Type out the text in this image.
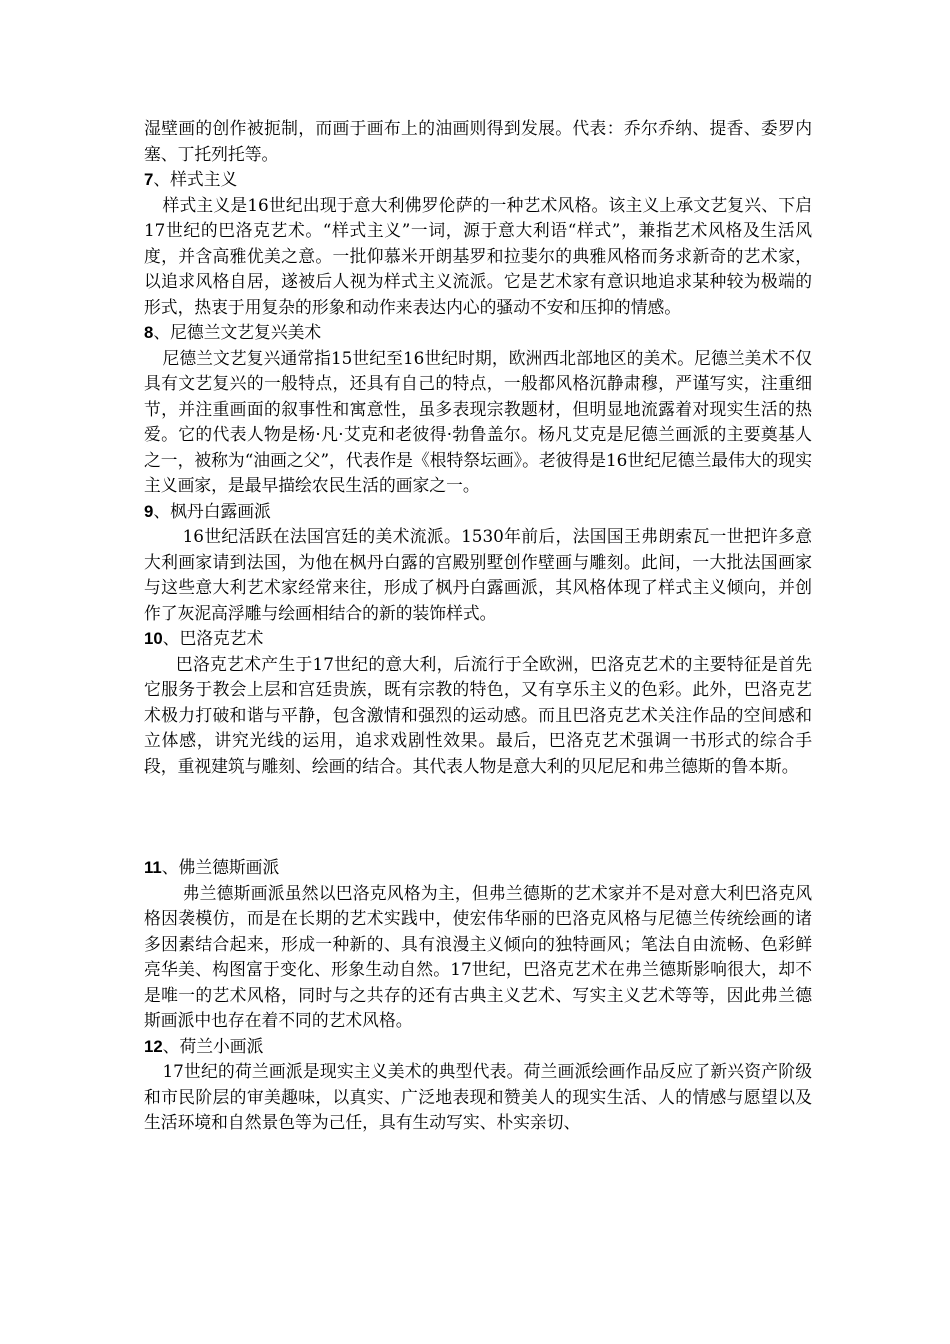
湿壁画的创作被扼制，而画于画布上的油画则得到发展。代表：乔尔乔纳、提香、委罗内塞、丁托列托等。

7、样式主义

样式主义是16世纪出现于意大利佛罗伦萨的一种艺术风格。该主义上承文艺复兴、下启17世纪的巴洛克艺术。“样式主义”一词，源于意大利语“样式”，兼指艺术风格及生活风度，并含高雅优美之意。一批仰慕米开朗基罗和拉斐尔的典雅风格而务求新奇的艺术家，以追求风格自居，遂被后人视为样式主义流派。它是艺术家有意识地追求某种较为极端的形式，热衷于用复杂的形象和动作来表达内心的骚动不安和压抑的情感。

8、尼德兰文艺复兴美术

尼德兰文艺复兴通常指15世纪至16世纪时期，欧洲西北部地区的美术。尼德兰美术不仅具有文艺复兴的一般特点，还具有自己的特点，一般都风格沉静肃穆，严谨写实，注重细节，并注重画面的叙事性和寓意性，虽多表现宗教题材，但明显地流露着对现实生活的热爱。它的代表人物是杨·凡·艾克和老彼得·勃鲁盖尔。杨凡艾克是尼德兰画派的主要奠基人之一，被称为“油画之父”，代表作是《根特祭坛画》。老彼得是16世纪尼德兰最伟大的现实主义画家，是最早描绘农民生活的画家之一。

9、枫丹白露画派

16世纪活跃在法国宫廷的美术流派。1530年前后，法国国王弗朗索瓦一世把许多意大利画家请到法国，为他在枫丹白露的宫殿别墅创作壁画与雕刻。此间，一大批法国画家与这些意大利艺术家经常来往，形成了枫丹白露画派，其风格体现了样式主义倾向，并创作了灰泥高浮雕与绘画相结合的新的装饰样式。

10、巴洛克艺术

巴洛克艺术产生于17世纪的意大利，后流行于全欧洲，巴洛克艺术的主要特征是首先它服务于教会上层和宫廷贵族，既有宗教的特色，又有享乐主义的色彩。此外，巴洛克艺术极力打破和谐与平静，包含激情和强烈的运动感。而且巴洛克艺术关注作品的空间感和立体感，讲究光线的运用，追求戏剧性效果。最后，巴洛克艺术强调一书形式的综合手段，重视建筑与雕刻、绘画的结合。其代表人物是意大利的贝尼尼和弗兰德斯的鲁本斯。

11、佛兰德斯画派

弗兰德斯画派虽然以巴洛克风格为主，但弗兰德斯的艺术家并不是对意大利巴洛克风格因袭模仿，而是在长期的艺术实践中，使宏伟华丽的巴洛克风格与尼德兰传统绘画的诸多因素结合起来，形成一种新的、具有浪漫主义倾向的独特画风；笔法自由流畅、色彩鲜亮华美、构图富于变化、形象生动自然。17世纪，巴洛克艺术在弗兰德斯影响很大，却不是唯一的艺术风格，同时与之共存的还有古典主义艺术、写实主义艺术等等，因此弗兰德斯画派中也存在着不同的艺术风格。

12、荷兰小画派

17世纪的荷兰画派是现实主义美术的典型代表。荷兰画派绘画作品反应了新兴资产阶级和市民阶层的审美趣味，以真实、广泛地表现和赞美人的现实生活、人的情感与愿望以及生活环境和自然景色等为己任，具有生动写实、朴实亲切、
